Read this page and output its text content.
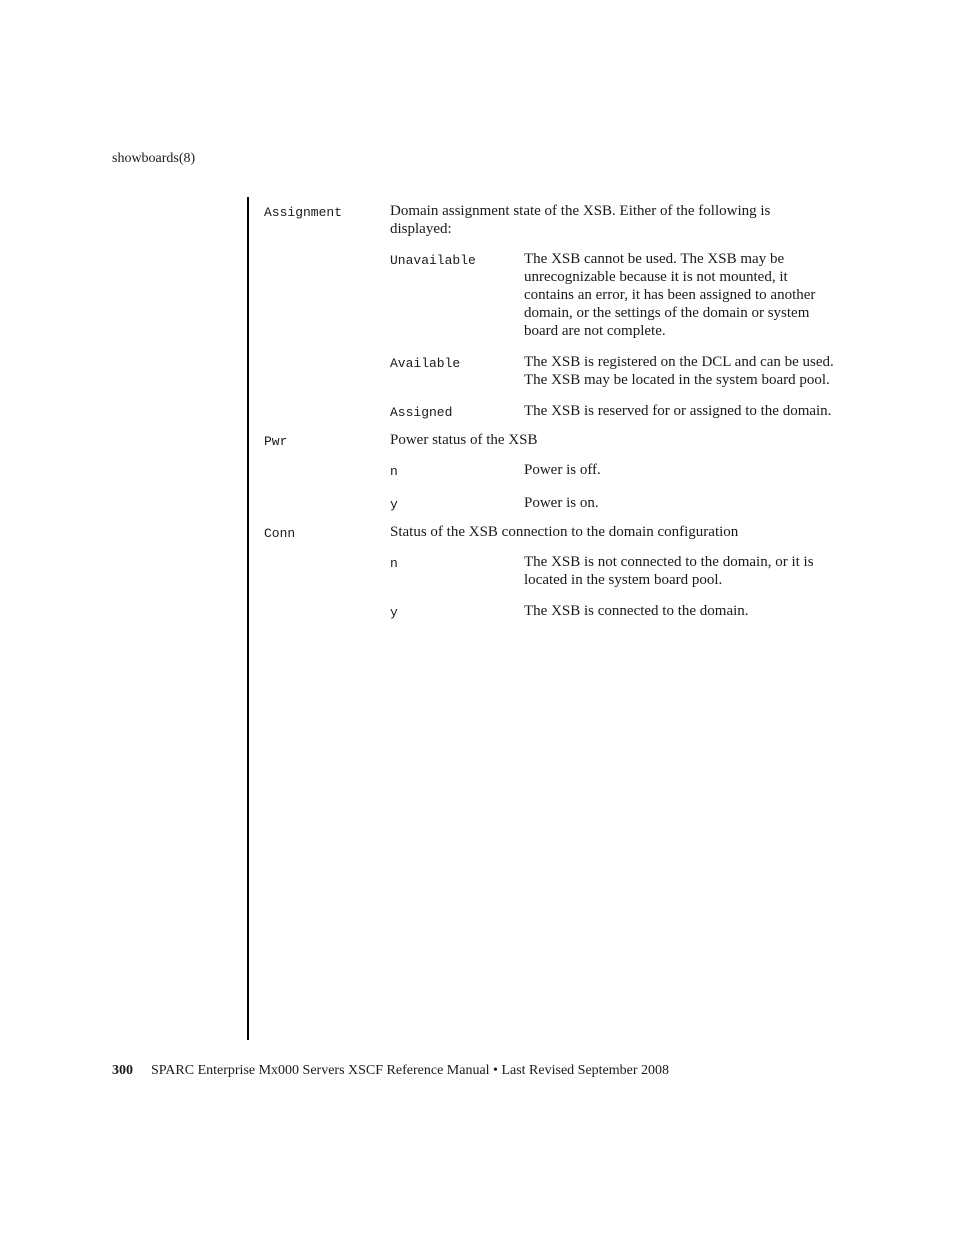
showboards(8)
Assignment	Domain assignment state of the XSB. Either of the following is displayed:

Unavailable	The XSB cannot be used. The XSB may be unrecognizable because it is not mounted, it contains an error, it has been assigned to another domain, or the settings of the domain or system board are not complete.
Available	The XSB is registered on the DCL and can be used. The XSB may be located in the system board pool.
Assigned	The XSB is reserved for or assigned to the domain.
Pwr	Power status of the XSB

n	Power is off.
y	Power is on.
Conn	Status of the XSB connection to the domain configuration

n	The XSB is not connected to the domain, or it is located in the system board pool.
y	The XSB is connected to the domain.
300 SPARC Enterprise Mx000 Servers XSCF Reference Manual • Last Revised September 2008
